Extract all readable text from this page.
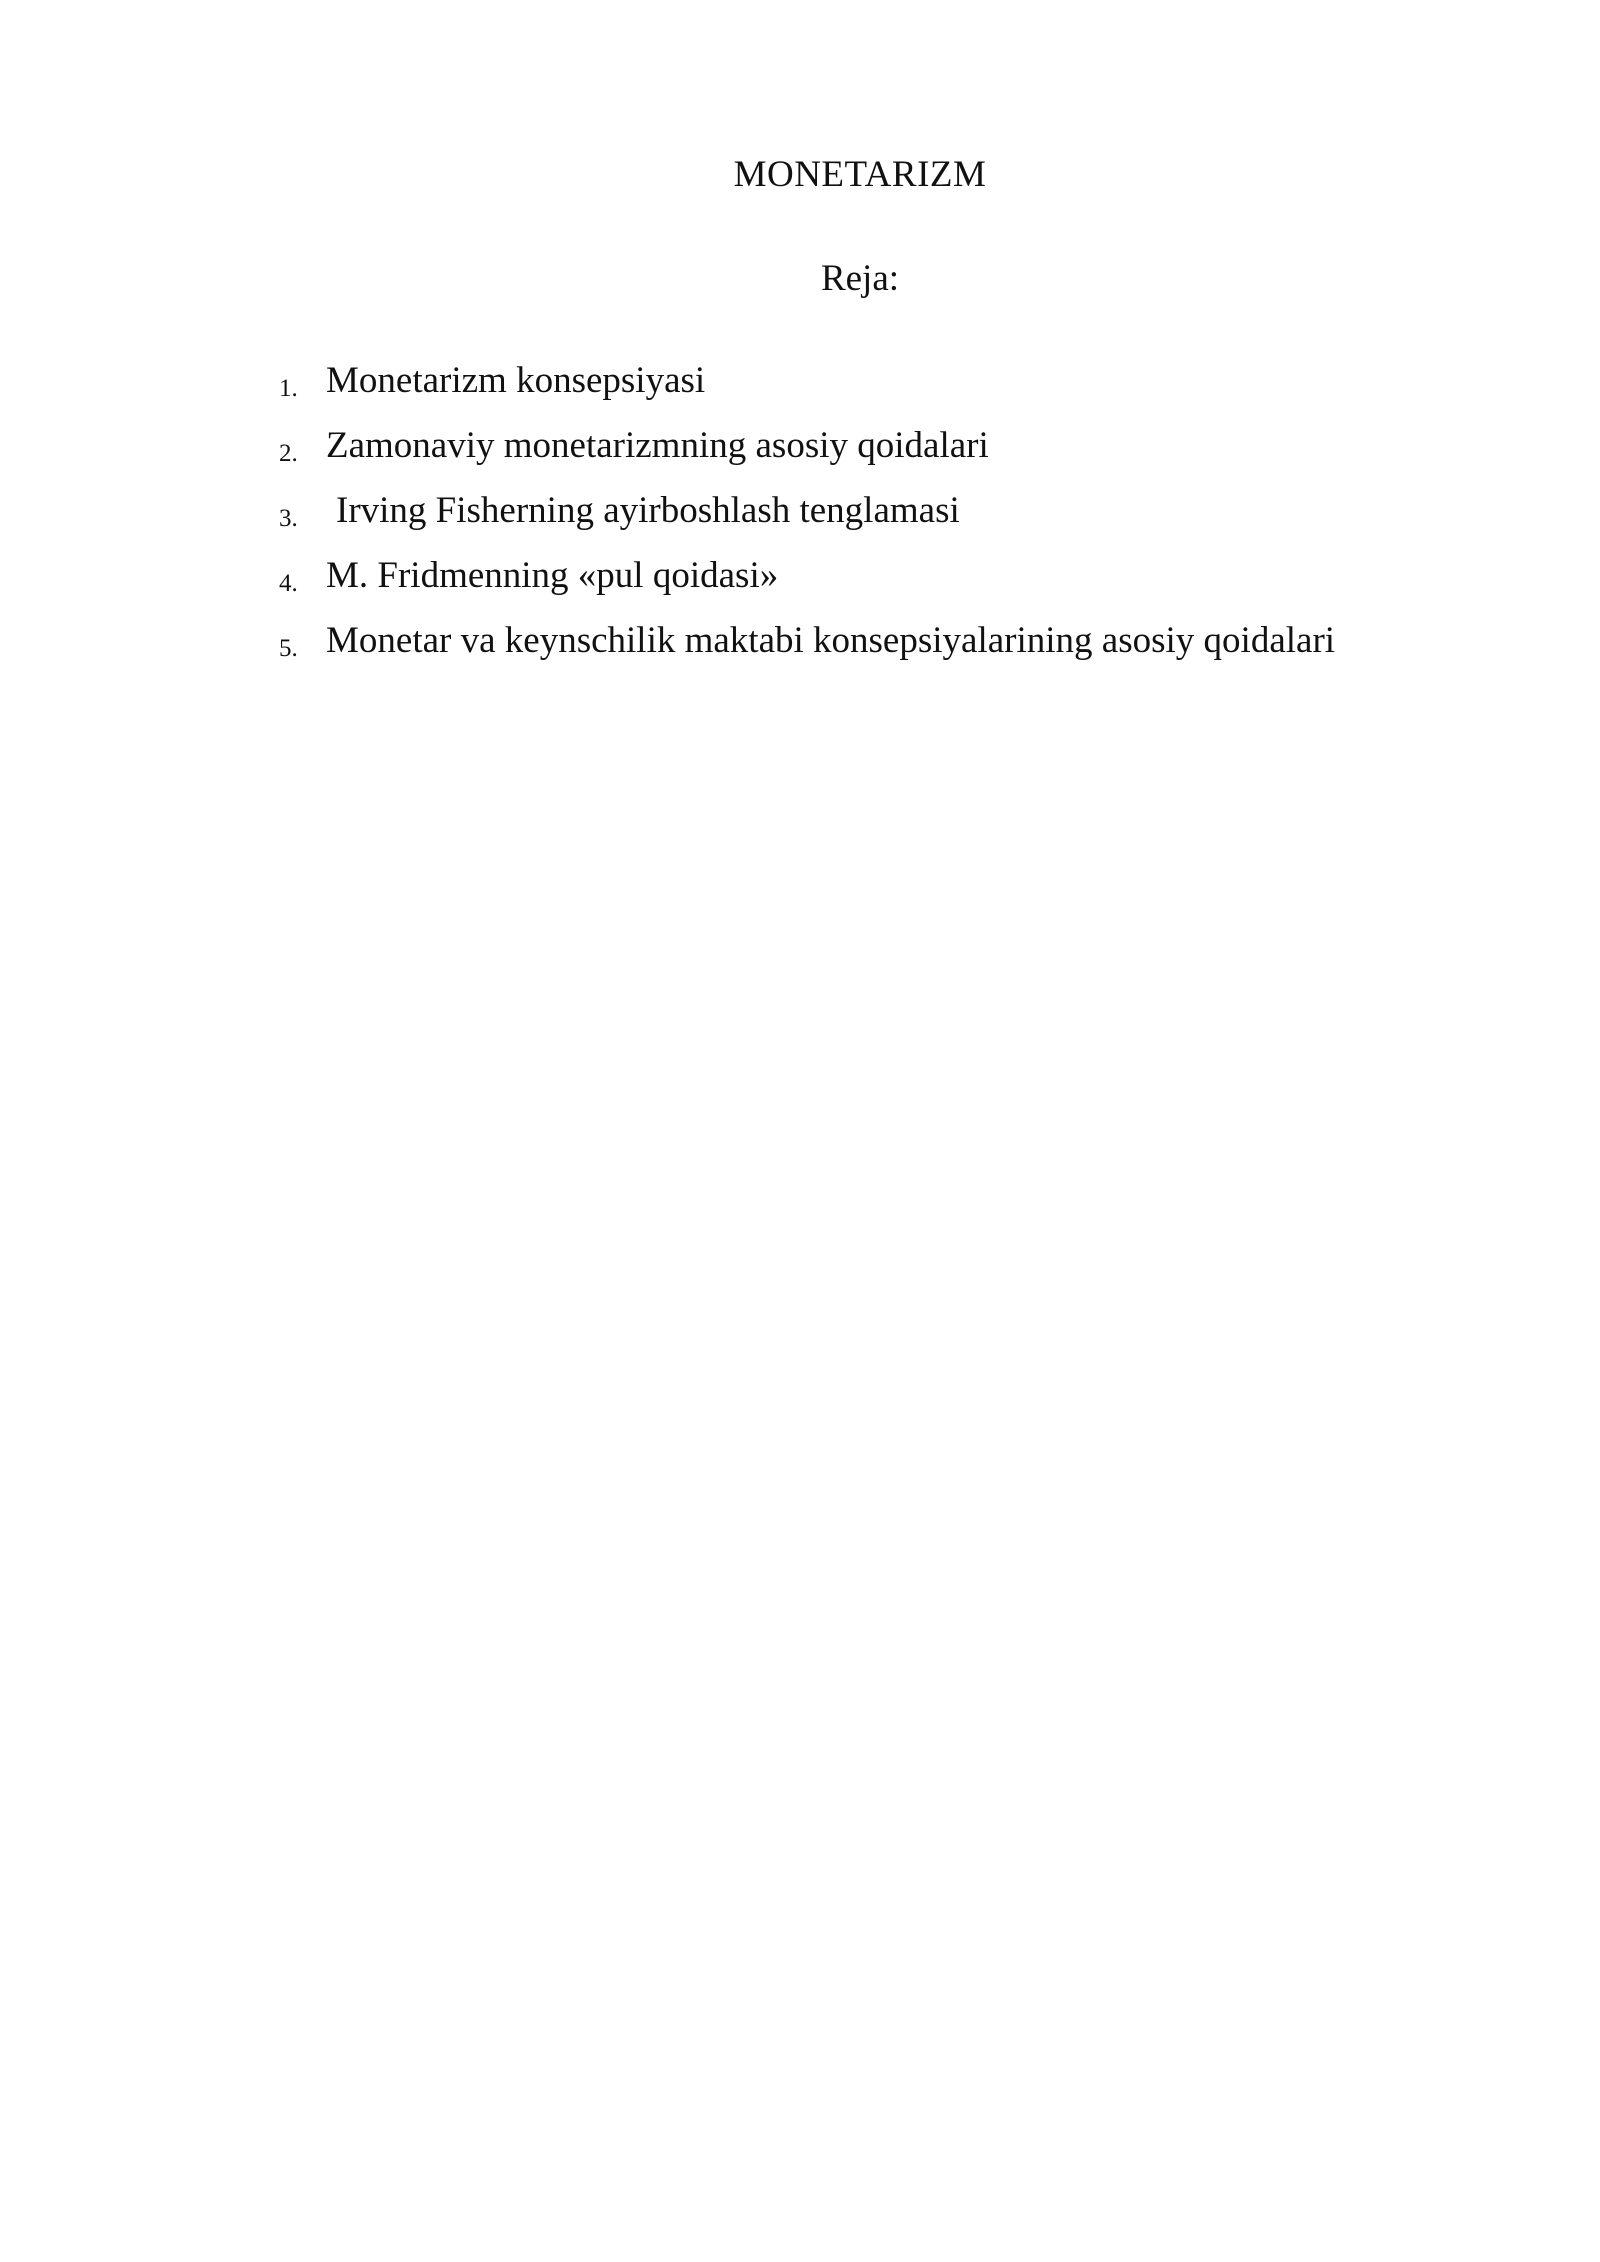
MONETARIZM
Reja:
1. Monetarizm konsepsiyasi
2. Zamonaviy monetarizmning asosiy qoidalari
3. Irving Fisherning ayirboshlash tenglamasi
4. M. Fridmenning «pul qoidasi»
5. Monetar va keynschilik maktabi konsepsiyalarining asosiy qoidalari
